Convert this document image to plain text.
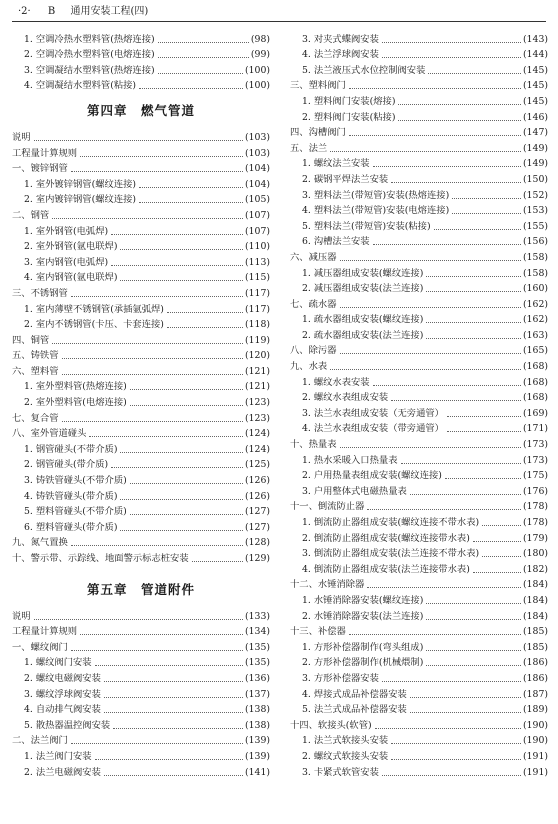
·2· B 通用安装工程(四)
1. 空调冷热水塑料管(热熔连接)	(98)
2. 空调冷热水塑料管(电熔连接)	(99)
3. 空调凝结水塑料管(热熔连接)	(100)
4. 空调凝结水塑料管(粘接)	(100)
第四章　燃气管道
说明	(103)
工程量计算规则	(103)
一、镀锌钢管	(104)
1. 室外镀锌钢管(螺纹连接)	(104)
2. 室内镀锌钢管(螺纹连接)	(105)
二、钢管	(107)
1. 室外钢管(电弧焊)	(107)
2. 室外钢管(氩电联焊)	(110)
3. 室内钢管(电弧焊)	(113)
4. 室内钢管(氩电联焊)	(115)
三、不锈钢管	(117)
1. 室内薄壁不锈钢管(承插氩弧焊)	(117)
2. 室内不锈钢管(卡压、卡套连接)	(118)
四、铜管	(119)
五、铸铁管	(120)
六、塑料管	(121)
1. 室外塑料管(热熔连接)	(121)
2. 室外塑料管(电熔连接)	(123)
七、复合管	(123)
八、室外管道碰头	(124)
1. 钢管碰头(不带介质)	(124)
2. 钢管碰头(带介质)	(125)
3. 铸铁管碰头(不带介质)	(126)
4. 铸铁管碰头(带介质)	(126)
5. 塑料管碰头(不带介质)	(127)
6. 塑料管碰头(带介质)	(127)
九、氮气置换	(128)
十、警示带、示踪线、地面警示标志桩安装	(129)
第五章　管道附件
说明	(133)
工程量计算规则	(134)
一、螺纹阀门	(135)
1. 螺纹阀门安装	(135)
2. 螺纹电磁阀安装	(136)
3. 螺纹浮球阀安装	(137)
4. 自动排气阀安装	(138)
5. 散热器温控阀安装	(138)
二、法兰阀门	(139)
1. 法兰阀门安装	(139)
2. 法兰电磁阀安装	(141)
3. 对夹式蝶阀安装	(143)
4. 法兰浮球阀安装	(144)
5. 法兰液压式水位控制阀安装	(145)
三、塑料阀门	(145)
1. 塑料阀门安装(熔接)	(145)
2. 塑料阀门安装(粘接)	(146)
四、沟槽阀门	(147)
五、法兰	(149)
1. 螺纹法兰安装	(149)
2. 碳钢平焊法兰安装	(150)
3. 塑料法兰(带短管)安装(热熔连接)	(152)
4. 塑料法兰(带短管)安装(电熔连接)	(153)
5. 塑料法兰(带短管)安装(粘接)	(155)
6. 沟槽法兰安装	(156)
六、减压器	(158)
1. 减压器组成安装(螺纹连接)	(158)
2. 减压器组成安装(法兰连接)	(160)
七、疏水器	(162)
1. 疏水器组成安装(螺纹连接)	(162)
2. 疏水器组成安装(法兰连接)	(163)
八、除污器	(165)
九、水表	(168)
1. 螺纹水表安装	(168)
2. 螺纹水表组成安装	(168)
3. 法兰水表组成安装（无旁通管）	(169)
4. 法兰水表组成安装（带旁通管）	(171)
十、热量表	(173)
1. 热水采暖入口热量表	(173)
2. 户用热量表组成安装(螺纹连接)	(175)
3. 户用整体式电磁热量表	(176)
十一、倒流防止器	(178)
1. 倒流防止器组成安装(螺纹连接不带水表)	(178)
2. 倒流防止器组成安装(螺纹连接带水表)	(179)
3. 倒流防止器组成安装(法兰连接不带水表)	(180)
4. 倒流防止器组成安装(法兰连接带水表)	(182)
十二、水锤消除器	(184)
1. 水锤消除器安装(螺纹连接)	(184)
2. 水锤消除器安装(法兰连接)	(184)
十三、补偿器	(185)
1. 方形补偿器制作(弯头组成)	(185)
2. 方形补偿器制作(机械煨制)	(186)
3. 方形补偿器安装	(186)
4. 焊接式成品补偿器安装	(187)
5. 法兰式成品补偿器安装	(189)
十四、软接头(软管)	(190)
1. 法兰式软接头安装	(190)
2. 螺纹式软接头安装	(191)
3. 卡紧式软管安装	(191)
